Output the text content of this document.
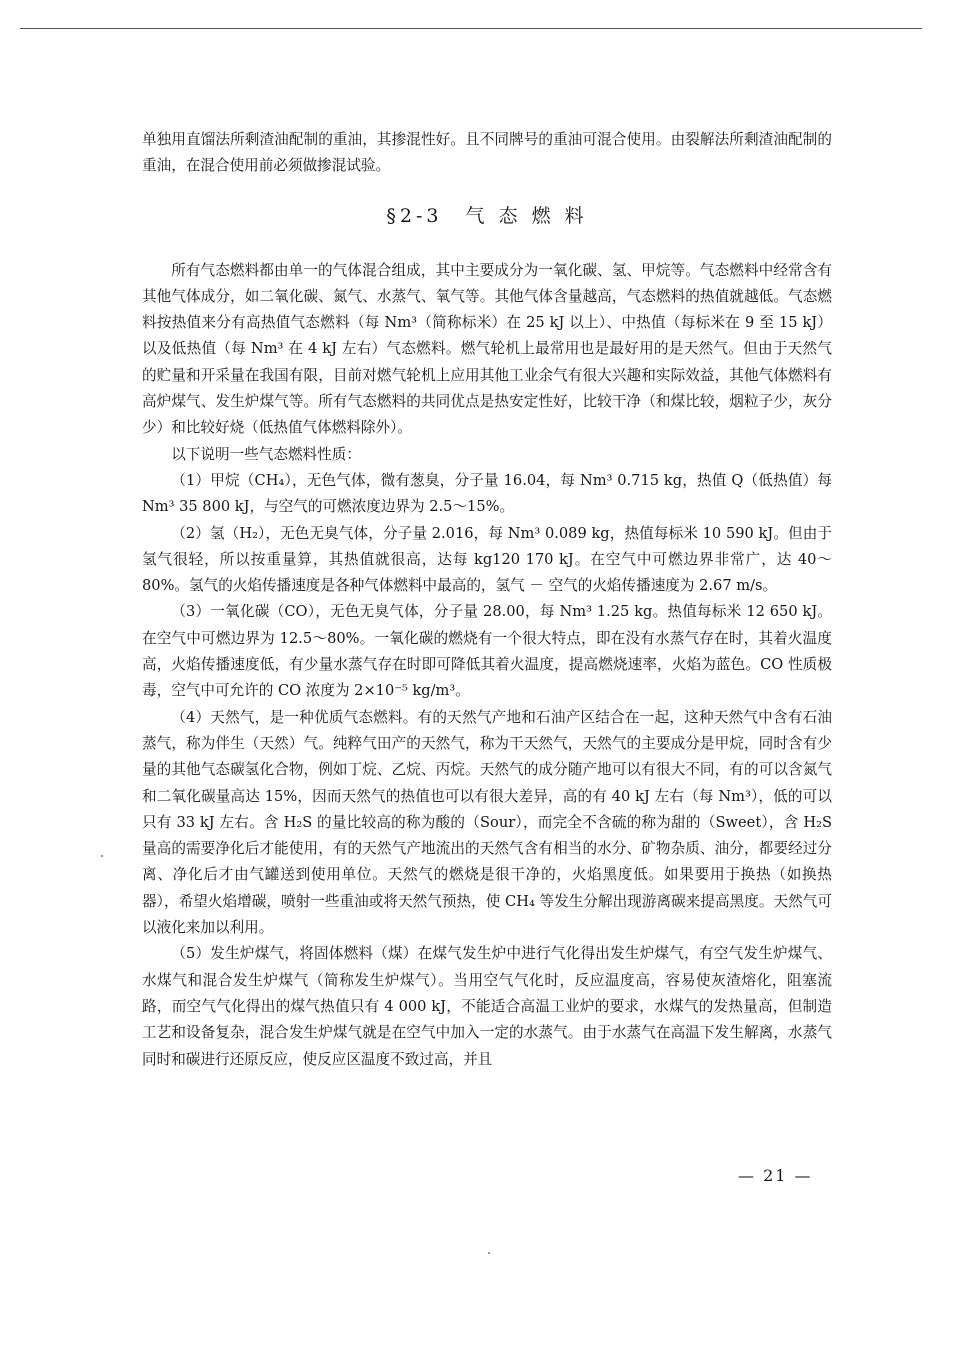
单独用直馏法所剩渣油配制的重油，其掺混性好。且不同牌号的重油可混合使用。由裂解法所剩渣油配制的重油，在混合使用前必须做掺混试验。

§2-3　气 态 燃 料

所有气态燃料都由单一的气体混合组成，其中主要成分为一氧化碳、氢、甲烷等。气态燃料中经常含有其他气体成分，如二氧化碳、氮气、水蒸气、氧气等。其他气体含量越高，气态燃料的热值就越低。气态燃料按热值来分有高热值气态燃料（每 Nm³（简称标米）在 25 kJ 以上）、中热值（每标米在 9 至 15 kJ）以及低热值（每 Nm³ 在 4 kJ 左右）气态燃料。燃气轮机上最常用也是最好用的是天然气。但由于天然气的贮量和开采量在我国有限，目前对燃气轮机上应用其他工业余气有很大兴趣和实际效益，其他气体燃料有高炉煤气、发生炉煤气等。所有气态燃料的共同优点是热安定性好，比较干净（和煤比较，烟粒子少，灰分少）和比较好烧（低热值气体燃料除外）。

以下说明一些气态燃料性质：

（1）甲烷（CH₄），无色气体，微有葱臭，分子量 16.04，每 Nm³ 0.715 kg，热值 Q（低热值）每 Nm³ 35 800 kJ，与空气的可燃浓度边界为 2.5～15%。

（2）氢（H₂），无色无臭气体，分子量 2.016，每 Nm³ 0.089 kg，热值每标米 10 590 kJ。但由于氢气很轻，所以按重量算，其热值就很高，达每 kg120 170 kJ。在空气中可燃边界非常广，达 40～80%。氢气的火焰传播速度是各种气体燃料中最高的，氢气 － 空气的火焰传播速度为 2.67 m/s。

（3）一氧化碳（CO），无色无臭气体，分子量 28.00，每 Nm³ 1.25 kg。热值每标米 12 650 kJ。在空气中可燃边界为 12.5～80%。一氧化碳的燃烧有一个很大特点，即在没有水蒸气存在时，其着火温度高，火焰传播速度低，有少量水蒸气存在时即可降低其着火温度，提高燃烧速率，火焰为蓝色。CO 性质极毒，空气中可允许的 CO 浓度为 2×10⁻⁵ kg/m³。

（4）天然气，是一种优质气态燃料。有的天然气产地和石油产区结合在一起，这种天然气中含有石油蒸气，称为伴生（天然）气。纯粹气田产的天然气，称为干天然气，天然气的主要成分是甲烷，同时含有少量的其他气态碳氢化合物，例如丁烷、乙烷、丙烷。天然气的成分随产地可以有很大不同，有的可以含氮气和二氧化碳量高达 15%，因而天然气的热值也可以有很大差异，高的有 40 kJ 左右（每 Nm³），低的可以只有 33 kJ 左右。含 H₂S 的量比较高的称为酸的（Sour），而完全不含硫的称为甜的（Sweet），含 H₂S 量高的需要净化后才能使用，有的天然气产地流出的天然气含有相当的水分、矿物杂质、油分，都要经过分离、净化后才由气罐送到使用单位。天然气的燃烧是很干净的，火焰黑度低。如果要用于换热（如换热器），希望火焰增碳，喷射一些重油或将天然气预热，使 CH₄ 等发生分解出现游离碳来提高黑度。天然气可以液化来加以利用。

（5）发生炉煤气，将固体燃料（煤）在煤气发生炉中进行气化得出发生炉煤气，有空气发生炉煤气、水煤气和混合发生炉煤气（简称发生炉煤气）。当用空气气化时，反应温度高，容易使灰渣熔化，阻塞流路，而空气气化得出的煤气热值只有 4 000 kJ，不能适合高温工业炉的要求，水煤气的发热量高，但制造工艺和设备复杂，混合发生炉煤气就是在空气中加入一定的水蒸气。由于水蒸气在高温下发生解离，水蒸气同时和碳进行还原反应，使反应区温度不致过高，并且

— 21 —
